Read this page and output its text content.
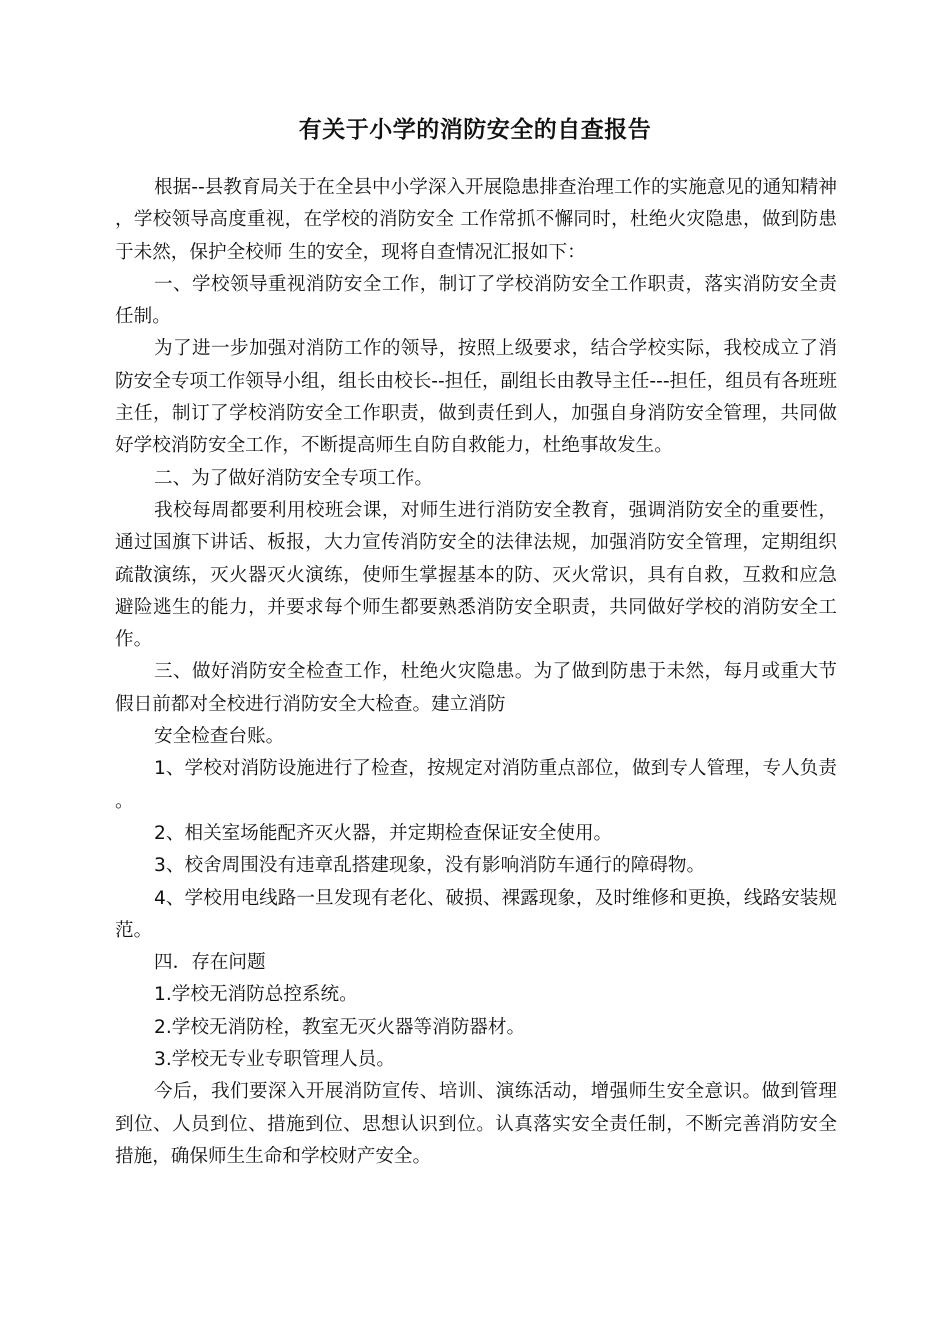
有关于小学的消防安全的自查报告

根据--县教育局关于在全县中小学深入开展隐患排查治理工作的实施意见的通知精神，学校领导高度重视，在学校的消防安全 工作常抓不懈同时，杜绝火灾隐患，做到防患于未然，保护全校师 生的安全，现将自查情况汇报如下：

一、学校领导重视消防安全工作，制订了学校消防安全工作职责，落实消防安全责任制。

为了进一步加强对消防工作的领导，按照上级要求，结合学校实际，我校成立了消防安全专项工作领导小组，组长由校长--担任，副组长由教导主任---担任，组员有各班班主任，制订了学校消防安全工作职责，做到责任到人，加强自身消防安全管理，共同做好学校消防安全工作，不断提高师生自防自救能力，杜绝事故发生。

二、为了做好消防安全专项工作。

我校每周都要利用校班会课，对师生进行消防安全教育，强调消防安全的重要性，通过国旗下讲话、板报，大力宣传消防安全的法律法规，加强消防安全管理，定期组织疏散演练，灭火器灭火演练，使师生掌握基本的防、灭火常识，具有自救，互救和应急避险逃生的能力，并要求每个师生都要熟悉消防安全职责，共同做好学校的消防安全工作。

三、做好消防安全检查工作，杜绝火灾隐患。为了做到防患于未然，每月或重大节假日前都对全校进行消防安全大检查。建立消防

安全检查台账。

1、学校对消防设施进行了检查，按规定对消防重点部位，做到专人管理，专人负责。

2、相关室场能配齐灭火器，并定期检查保证安全使用。

3、校舍周围没有违章乱搭建现象，没有影响消防车通行的障碍物。

4、学校用电线路一旦发现有老化、破损、裸露现象，及时维修和更换，线路安装规范。

四．存在问题

1.学校无消防总控系统。

2.学校无消防栓，教室无灭火器等消防器材。

3.学校无专业专职管理人员。

今后，我们要深入开展消防宣传、培训、演练活动，增强师生安全意识。做到管理到位、人员到位、措施到位、思想认识到位。认真落实安全责任制，不断完善消防安全措施，确保师生生命和学校财产安全。
